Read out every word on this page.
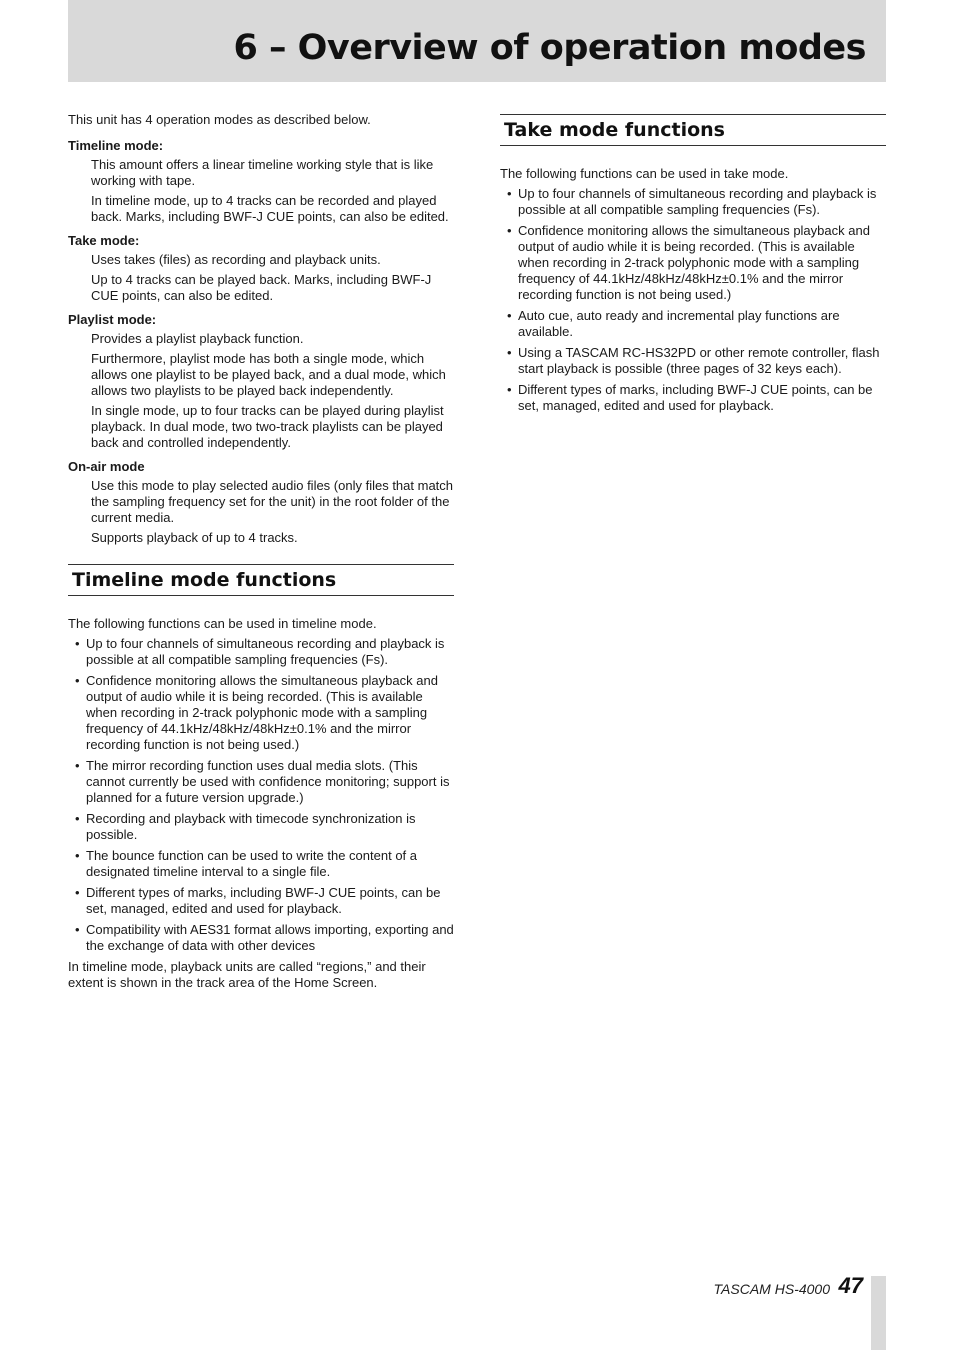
6 – Overview of operation modes

This unit has 4 operation modes as described below.

Timeline mode:

This amount offers a linear timeline working style that is like working with tape.

In timeline mode, up to 4 tracks can be recorded and played back. Marks, including BWF-J CUE points, can also be edited.

Take mode:

Uses takes (files) as recording and playback units.

Up to 4 tracks can be played back. Marks, including BWF-J CUE points, can also be edited.

Playlist mode:

Provides a playlist playback function.

Furthermore, playlist mode has both a single mode, which allows one playlist to be played back, and a dual mode, which allows two playlists to be played back independently.

In single mode, up to four tracks can be played during playlist playback. In dual mode, two two-track playlists can be played back and controlled independently.

On-air mode

Use this mode to play selected audio files (only files that match the sampling frequency set for the unit) in the root folder of the current media.

Supports playback of up to 4 tracks.

Timeline mode functions

The following functions can be used in timeline mode.

• Up to four channels of simultaneous recording and playback is possible at all compatible sampling frequencies (Fs).
• Confidence monitoring allows the simultaneous playback and output of audio while it is being recorded. (This is available when recording in 2-track polyphonic mode with a sampling frequency of 44.1kHz/48kHz/48kHz±0.1% and the mirror recording function is not being used.)
• The mirror recording function uses dual media slots. (This cannot currently be used with confidence monitoring; support is planned for a future version upgrade.)
• Recording and playback with timecode synchronization is possible.
• The bounce function can be used to write the content of a designated timeline interval to a single file.
• Different types of marks, including BWF-J CUE points, can be set, managed, edited and used for playback.
• Compatibility with AES31 format allows importing, exporting and the exchange of data with other devices

In timeline mode, playback units are called “regions,” and their extent is shown in the track area of the Home Screen.

Take mode functions

The following functions can be used in take mode.

• Up to four channels of simultaneous recording and playback is possible at all compatible sampling frequencies (Fs).
• Confidence monitoring allows the simultaneous playback and output of audio while it is being recorded. (This is available when recording in 2-track polyphonic mode with a sampling frequency of 44.1kHz/48kHz/48kHz±0.1% and the mirror recording function is not being used.)
• Auto cue, auto ready and incremental play functions are available.
• Using a TASCAM RC-HS32PD or other remote controller, flash start playback is possible (three pages of 32 keys each).
• Different types of marks, including BWF-J CUE points, can be set, managed, edited and used for playback.
TASCAM HS-4000 47
